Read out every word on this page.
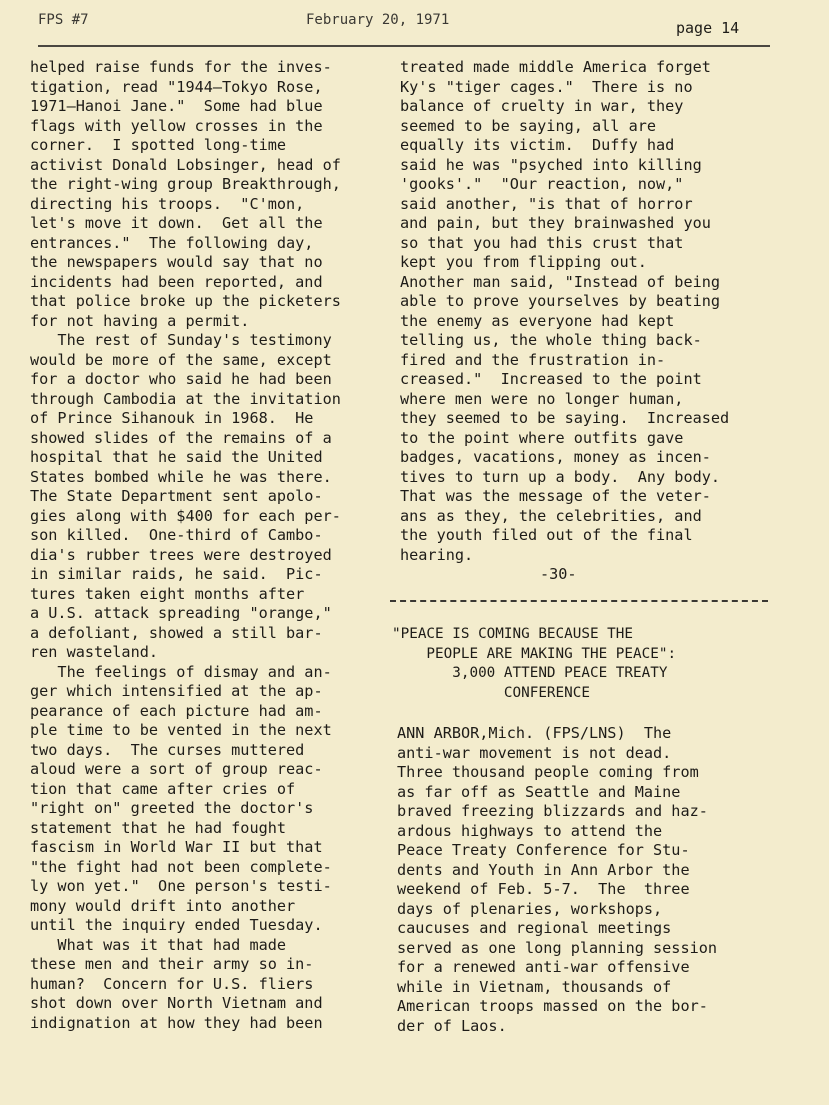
FPS #7	February 20, 1971	page 14
helped raise funds for the inves-
tigation, read "1944—Tokyo Rose,
1971—Hanoi Jane."  Some had blue
flags with yellow crosses in the
corner.  I spotted long-time
activist Donald Lobsinger, head of
the right-wing group Breakthrough,
directing his troops.  "C'mon,
let's move it down.  Get all the
entrances."  The following day,
the newspapers would say that no
incidents had been reported, and
that police broke up the picketers
for not having a permit.
The rest of Sunday's testimony
would be more of the same, except
for a doctor who said he had been
through Cambodia at the invitation
of Prince Sihanouk in 1968.  He
showed slides of the remains of a
hospital that he said the United
States bombed while he was there.
The State Department sent apolo-
gies along with $400 for each per-
son killed.  One-third of Cambo-
dia's rubber trees were destroyed
in similar raids, he said.  Pic-
tures taken eight months after
a U.S. attack spreading "orange,"
a defoliant, showed a still bar-
ren wasteland.
The feelings of dismay and an-
ger which intensified at the ap-
pearance of each picture had am-
ple time to be vented in the next
two days.  The curses muttered
aloud were a sort of group reac-
tion that came after cries of
"right on" greeted the doctor's
statement that he had fought
fascism in World War II but that
"the fight had not been complete-
ly won yet."  One person's testi-
mony would drift into another
until the inquiry ended Tuesday.
What was it that had made
these men and their army so in-
human?  Concern for U.S. fliers
shot down over North Vietnam and
indignation at how they had been
treated made middle America forget
Ky's "tiger cages."  There is no
balance of cruelty in war, they
seemed to be saying, all are
equally its victim.  Duffy had
said he was "psyched into killing
'gooks'."  "Our reaction, now,"
said another, "is that of horror
and pain, but they brainwashed you
so that you had this crust that
kept you from flipping out.
Another man said, "Instead of being
able to prove yourselves by beating
the enemy as everyone had kept
telling us, the whole thing back-
fired and the frustration in-
creased."  Increased to the point
where men were no longer human,
they seemed to be saying.  Increased
to the point where outfits gave
badges, vacations, money as incen-
tives to turn up a body.  Any body.
That was the message of the veter-
ans as they, the celebrities, and
the youth filed out of the final
hearing.
-30-
"PEACE IS COMING BECAUSE THE
PEOPLE ARE MAKING THE PEACE":
3,000 ATTEND PEACE TREATY
CONFERENCE
ANN ARBOR,Mich. (FPS/LNS)  The
anti-war movement is not dead.
Three thousand people coming from
as far off as Seattle and Maine
braved freezing blizzards and haz-
ardous highways to attend the
Peace Treaty Conference for Stu-
dents and Youth in Ann Arbor the
weekend of Feb. 5-7.  The  three
days of plenaries, workshops,
caucuses and regional meetings
served as one long planning session
for a renewed anti-war offensive
while in Vietnam, thousands of
American troops massed on the bor-
der of Laos.
